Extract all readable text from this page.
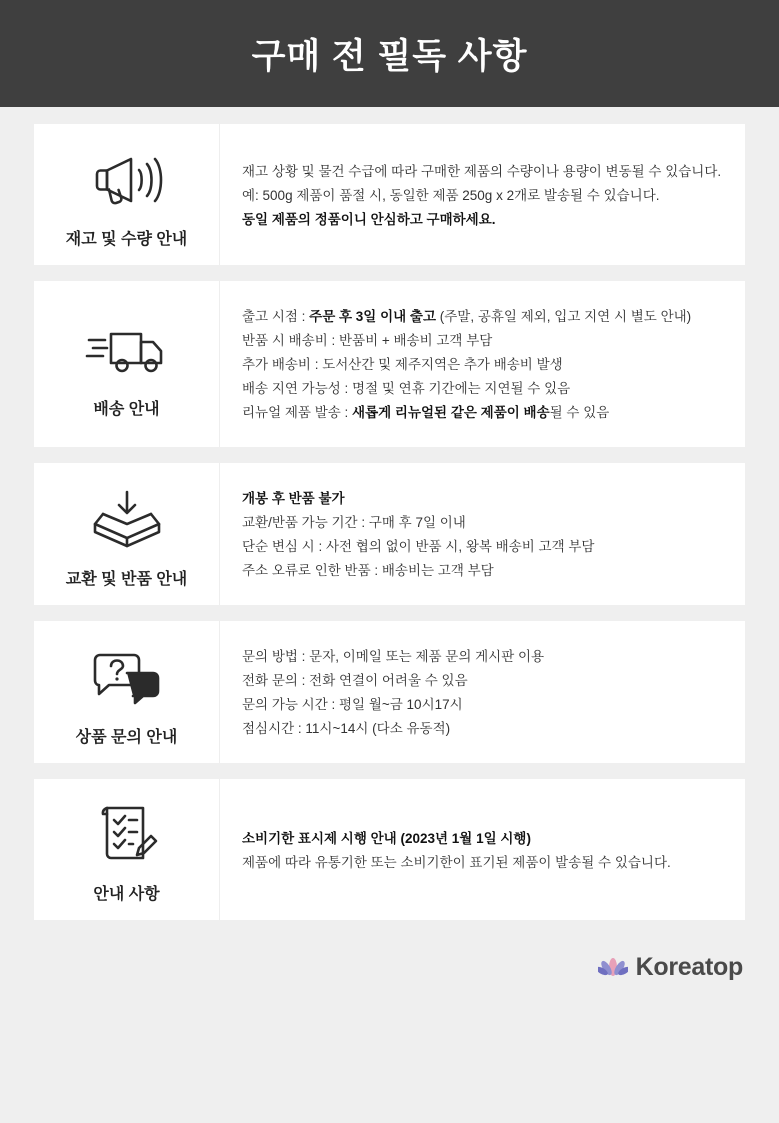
구매 전 필독 사항
재고 및 수량 안내
재고 상황 및 물건 수급에 따라 구매한 제품의 수량이나 용량이 변동될 수 있습니다.
예: 500g 제품이 품절 시, 동일한 제품 250g x 2개로 발송될 수 있습니다.
동일 제품의 정품이니 안심하고 구매하세요.
배송 안내
출고 시점 : 주문 후 3일 이내 출고 (주말, 공휴일 제외, 입고 지연 시 별도 안내)
반품 시 배송비 : 반품비 + 배송비 고객 부담
추가 배송비 : 도서산간 및 제주지역은 추가 배송비 발생
배송 지연 가능성 : 명절 및 연휴 기간에는 지연될 수 있음
리뉴얼 제품 발송 : 새롭게 리뉴얼된 같은 제품이 배송될 수 있음
교환 및 반품 안내
개봉 후 반품 불가
교환/반품 가능 기간 : 구매 후 7일 이내
단순 변심 시 : 사전 협의 없이 반품 시, 왕복 배송비 고객 부담
주소 오류로 인한 반품 : 배송비는 고객 부담
상품 문의 안내
문의 방법 : 문자, 이메일 또는 제품 문의 게시판 이용
전화 문의 : 전화 연결이 어려울 수 있음
문의 가능 시간 : 평일 월~금 10시17시
점심시간 : 11시~14시 (다소 유동적)
안내 사항
소비기한 표시제 시행 안내 (2023년 1월 1일 시행)
제품에 따라 유통기한 또는 소비기한이 표기된 제품이 발송될 수 있습니다.
Koreatop
